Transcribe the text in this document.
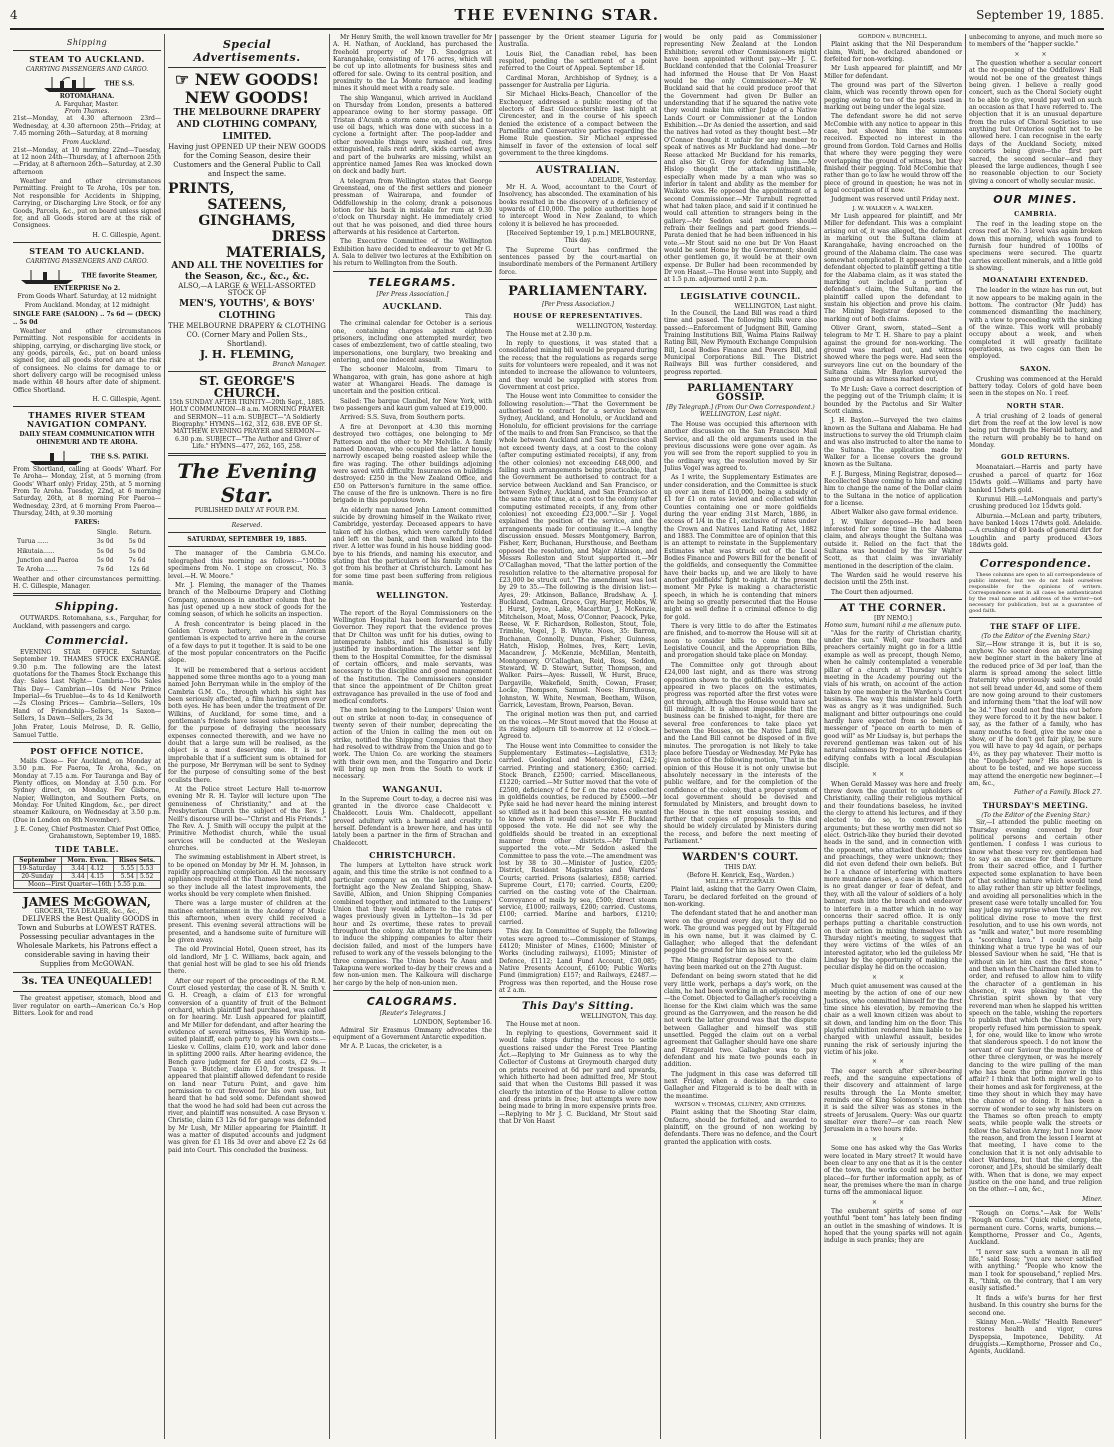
4	THE EVENING STAR.	September 19, 1885.
Shipping
STEAM TO AUCKLAND.
CARRYING PASSENGERS AND CARGO.
THE S.S. ROTOMAHANA.
A. Farquhar, Master.
From Thames.

21st—Monday, at 4.30 afternoon 23rd—Wednesday, at 4.30 afternoon 25th—Friday, at 7.45 morning 26th—Saturday, at 8 morning

From Auckland.

21st—Monday, at 10 morning 22nd—Tuesday, at 12 noon 24th—Thursday, at 1 afternoon 25th—Friday, at 8 afternoon 26th—Saturday, at 2.30 afternoon

Weather and other circumstances Permitting. Freight to Te Aroha, 10s per ton. Not responsible for Accidents in Shipping, Carrying, or Discharging Live Stock, or for any Goods, Parcels, &c., put on board unless signed for, and all Goods stored are at the risk of Consignees.

H. C. Gillespie, Agent.
STEAM TO AUCKLAND.
CARRYING PASSENGERS AND CARGO.
THE favorite Steamer, ENTERPRISE No 2.

From Goods Wharf. Saturday, at 12 midnight

From Auckland. Monday, at 12 midnight

SINGLE FARE (SALOON) .. 7s 6d — (DECK) .. 5s 0d

Weather and other circumstances Permitting. Not responsible for accidents in shipping, carrying, or discharging live stock, or any goods, parcels, &c., put on board unless signed for, and all goods stored are at the risk of consignees. No claims for damage to or short delivery cargo will be recognised unless made within 48 hours after date of shipment. Office Shortland.

H. C. Gillespie, Agent.
THAMES RIVER STEAM NAVIGATION COMPANY.
DAILY STEAM COMMUNICATION WITH OHINEMURI AND TE AROHA.
THE S.S. PATIKI.

From Shortland, calling at Goods' Wharf. For Te Aroha— Monday, 21st, at 5 morning (from Goods' Wharf only) Friday, 25th, at 5 morning From Te Aroha. Tuesday, 22nd, at 6 morning Saturday, 26th, at 8 morning For Paeroa— Wednesday, 23rd, at 6 morning From Paeroa— Thursday, 24th, at 9.30 morning

FARES:
	Single.	Return.
Turua ......	3s 0d	5s 0d
Hikutaia......	5s 0d	5s 0d
Junction and Paeroa	5s 0d	7s 6d
Te Aroha ......	7s 6d	12s 6d

Weather and other circumstances permitting. H. C. Gillespie, Manager.

Shipping.

OUTWARDS. Rotomahana, s.s., Farquhar, for Auckland, with passengers and cargo.

Commercial.

EVENING STAR OFFICE. Saturday, September 19. THAMES STOCK EXCHANGE. 9.30 p.m. The following are the latest quotations for the Thames Stock Exchange this day: Sales Last Night— Cambria—10s Sales This Day— Cambrian—10s 6d New Prince Imperial—6s Trueblue—4s to 4s 1d Kenilworth—2s Closing Prices— Cambria—Sellers, 10s Hand of Friendship—Sellers, 1s Saxon—Sellers, 1s Dawn—Sellers, 2s 3d

John Frater, Louis Melrose, D. R. Gellio, Samuel Tuttle.

POST OFFICE NOTICE.

Mails Close— For Auckland, on Monday at 3.50 p.m. For Paeroa, Te Aroha, &c., on Monday at 7.15 a.m. For Tauranga and Bay of Plenty offices, on Monday at 3.50 p.m. For Sydney direct, on Monday. For Gisborne, Napier, Wellington, and Southern Ports, on Monday. For United Kingdom, &c., per direct steamer Kaikoura, on Wednesday at 3.50 p.m. (Due in London on 8th November).

J. E. Coney, Chief Postmaster. Chief Post Office, Grahamstown, September 19, 1885.

TIDE TABLE.
September	Morn. Even.	Rises Sets.
19-Saturday	3.44 | 4.12	5.55 | 5.53
20-Sunday	3.44 | 4.15	5.54 | 5.52
Moon—First Quarter—16th | 5.55 p.m.		
JAMES McGOWAN,
GROCER, TEA DEALER, &c., &c.,

DELIVERS the Best Quality GOODS in Town and Suburbs at LOWEST RATES. Possessing peculiar advantages in the Wholesale Markets, his Patrons effect a considerable saving in having their Supplies from McGOWAN.

3s. TEA UNEQUALLED!

The greatest appetiser, stomach, blood and liver regulator on earth—American Co.'s Hop Bitters. Look for and read

Special Advertisements.
☞ NEW GOODS!
NEW GOODS!
THE MELBOURNE DRAPERY AND CLOTHING COMPANY, LIMITED.

Having just OPENED UP their NEW GOODS for the Coming Season, desire their Customers and the General Public to Call and Inspect the same.

PRINTS,
SATEENS,
GINGHAMS,
DRESS MATERIALS,
AND ALL THE NOVELTIES for the Season, &c., &c., &c.
ALSO,—A LARGE & WELL-ASSORTED STOCK OF
MEN'S, YOUTHS', & BOYS' CLOTHING
THE MELBOURNE DRAPERY & CLOTHING CO. (Corner Mary and Pollen Sts., Shortland).
J. H. FLEMING,
Branch Manager.
ST. GEORGE'S CHURCH.

15th SUNDAY AFTER TRINITY—20th Sept., 1885. HOLY COMMUNION—8 a.m. MORNING PRAYER and SERMON—11 a.m. SUBJECT—"A Soldierly Biography." HYMNS—162, 312, 638. EVE OF St. MATTHEW. EVENING PRAYER and SERMON—6.30 p.m. SUBJECT—"The Author and Giver of Life." HYMNS—477, 262, 165, 258.

The Evening Star.
PUBLISHED DAILY AT FOUR P.M.
Reserved.
SATURDAY, SEPTEMBER 19, 1885.

The manager of the Cambria G.M.Co. telegraphed this morning as follows:—"100lbs specimens from No. 1 stope on crosscut, No. 3 level.—H. W. Moore."

Mr. J. Fleming, the manager of the Thames branch of the Melbourne Drapery and Clothing Company, announces in another column that he has just opened up a new stock of goods for the coming season, of which he solicits an inspection.

A fresh concentrator is being placed in the Golden Crown battery, and an American gentleman is expected to arrive here in the course of a few days to put it together. It is said to be one of the most popular concentrators on the Pacific slope.

It will be remembered that a serious accident happened some three months ago to a young man named John Berryman while in the employ of the Cambria G.M. Co., through which his sight has been seriously affected, a film having grown over both eyes. He has been under the treatment of Dr. Wilkins, of Auckland, for some time, and a gentleman's friends have issued subscription lists for the purpose of defraying the necessary expenses connected therewith, and we have no doubt that a large sum will be realised, as the object is a most deserving one. It is not improbable that if a sufficient sum is obtained for the purpose, Mr Berryman will be sent to Sydney for the purpose of consulting some of the best oculists there.

At the Police street Lecture Hall to-morrow evening Mr R. H. Taylor will lecture upon "The genuineness of Christianity," and at the Presbyterian Church the subject of the Rev. J. Neill's discourse will be—"Christ and His Friends." The Rev. A. J. Smith will occupy the pulpit at the Primitive Methodist church, while the usual services will be conducted at the Wesleyan churches.

The swimming establishment in Albert street, is to be opened on Monday by Mr H. M. Johnson, in rapidly approaching completion. All the necessary appliances required at the Thames last night, and so they include all the latest improvements, the works should be very complete when finished.

There was a large muster of children at the matinee entertainment in the Academy of Music this afternoon, when every child received a present. This evening several attractions will be presented, and a handsome suite of furniture will be given away.

The old Provincial Hotel, Queen street, has its old landlord, Mr J. C. Williams, back again, and that genial host will be glad to see his old friends there.

After our report of the proceedings of the R.M. Court closed yesterday, the case of R. N. Smith v. G. H. Creagh, a claim of £13 for wrongful conversion of a quantity of fruit of the Belmont orchard, which plaintiff had purchased, was called on for hearing. Mr. Lush appeared for plaintiff, and Mr Miller for defendant, and after hearing the evidence of several witnesses, His Worship non-suited plaintiff, each party to pay his own costs.—Lieske v. Collins, claim £10, work and labor done in splitting 2000 rails. After hearing evidence, the Bench gave judgment for £6 and costs, £2 9s.—Tuapa v. Butcher, claim £10, for trespass. It appeared that plaintiff allowed defendant to reside on land near Tuturu Point, and gave him permission to cut firewood for his own use, but heard that he had sold some. Defendant showed that the wood he had sold had been cut across the river, and plaintiff was nonsuited. A case Bryson v. Christie, claim £3 12s 6d for garage was defended by Mr Lush, Mr Miller appearing for Plaintiff. It was a matter of disputed accounts and judgment was given for £1 18s 3d over and above £2 2s 6d paid into Court. This concluded the business.

Mr Henry Smith, the well known traveller for Mr A. H. Nathan, of Auckland, has purchased the freehold property of Mr D. Snodgrass at Karangahake, consisting of 176 acres, which will be cut up into allotments for business sites and offered for sale. Owing to its central position, and proximity to the La Monte furnace and leading mines it should meet with a ready sale.

The ship Wanganui, which arrived in Auckland on Thursday from London, presents a battered appearance owing to her stormy passage. Off Tristan d'Acunh a storm came on, and she had to use oil bags, which was done with success in a cyclone a fortnight after. The poop-ladder and other moveable things were washed out, fires extinguished, rails rent adrift, skids carried away, and part of the bulwarks are missing, whilst an apprentice named James Rea was knocked down on deck and badly hurt.

A telegram from Wellington states that George Greenstead, one of the first settlers and pioneer pressman of Wairarapa, and founder of Oddfellowship in the colony, drank a poisonous lotion for his back in mistake for rum at 9.30 o'clock on Thursday night. He immediately cried out that he was poisoned, and died three hours afterwards at his residence at Carterton.

The Executive Committee of the Wellington Exhibition have decided to endeavour to get Mr G. A. Sala to deliver two lectures at the Exhibition on his return to Wellington from the South.

TELEGRAMS.
[Per Press Association.]
AUCKLAND.
This day.

The criminal calendar for October is a serious one, containing charges against eighteen prisoners, including one attempted murder, two cases of embezzlement, two of cattle stealing, two impersonations, one burglary, two breaking and entering, and one indecent assault.

The schooner Malcolm, from Timaru to Whangaroa, with grain, has gone ashore at high water at Whangarei Heads. The damage is uncertain and the position critical.

Sailed: The barque Clanibel, for New York, with two passengers and kauri gum valued at £19,000.

Arrived: S.S. Suva, from Southern ports.

A fire at Devonport at 4.30 this morning destroyed two cottages, one belonging to Mr Patterson and the other to Mr Melville. A family named Donovan, who occupied the latter house, narrowly escaped being roasted asleep while the fire was raging. The other buildings adjoining were saved with difficulty. Insurances on buildings destroyed: £250 in the New Zealand Office, and £50 on Patterson's furniture in the same office. The cause of the fire is unknown. There is no fire brigade in this populous town.

An elderly man named John Lamont committed suicide by drowning himself in the Waikato river, Cambridge, yesterday. Deceased appears to have taken off his clothes, which were carefully folded and left on the bank, and then walked into the river. A letter was found in his house bidding good-bye to his friends, and naming his executor, and stating that the particulars of his family could be got from his brother at Christchurch. Lamont has for some time past been suffering from religious mania.

WELLINGTON.
Yesterday.

The report of the Royal Commissioners on the Wellington Hospital has been forwarded to the Governor. They report that the evidence proves that Dr Chilton was unfit for his duties, owing to intemperate habits, and his dismissal is fully justified by insubordination. The letter sent by them to the Hospital Committee, for the dismissal of certain officers, and male servants, was necessary to the discipline and good management of the Institution. The Commissioners consider that since the appointment of Dr Chilton great extravagance has prevailed in the use of food and medical comforts.

The men belonging to the Lumpers' Union went out on strike at noon to-day, in consequence of twenty seven of their number, deprecating the action of the Union in calling the men out on strike, notified the Shipping Companies that they had resolved to withdraw from the Union and go to work. The Union Co. are working the steamers with their own men, and the Tongariro and Doric will bring up men from the South to work if necessary.

WANGANUI.

In the Supreme Court to-day, a decree nisi was granted in the divorce case Chaldecott v. Chaldecott. Louis Wm. Chaldecott, appellant proved adultery with a barmaid and cruelty to herself. Defendant is a brewer here, and has until lately been a partner in the firm of Strachan and Chaldecott.

CHRISTCHURCH.

The lumpers at Lyttelton have struck work again, and this time the strike is not confined to a particular company as on the last occasion. A fortnight ago the New Zealand Shipping, Shaw-Saville, Albion, and Union Shipping Companies combined together, and intimated to the Lumpers' Union that they would adhere to the rates of wages previously given in Lyttelton—1s 3d per hour and 2s overtime, these rates to prevail throughout the colony. An attempt by the lumpers to induce the shipping companies to alter their decision failed, and most of the lumpers have refused to work any of the vessels belonging to the three companies. The Union boats Te Anau and Takapuna were worked to-day by their crews and a few non-union men. The Kaikoura will discharge her cargo by the help of non-union men.

CALOGRAMS.
[Reuter's Telegrams.]
LONDON, September 16.

Admiral Sir Erasmus Ommany advocates the equipment of a Government Antarctic expedition.

Mr A. P. Lucas, the cricketer, is a

passenger by the Orient steamer Liguria for Australia.

Louis Riel, the Canadian rebel, has been respited, pending the settlement of a point referred to the Court of Appeal. September 18.

Cardinal Moran, Archbishop of Sydney, is a passenger for Australia per Liguria.

Sir Michael Hicks-Beach, Chancellor of the Exchequer, addressed a public meeting of the electors of East Gloucestershire last night at Cirencester, and in the course of his speech denied the existence of a compact between the Parnellite and Conservative parties regarding the Home Rule question. Sir Michael expressed himself in favor of the extension of local self government to the three kingdoms.

AUSTRALIAN.
ADELAIDE, Yesterday.

Mr H. A. Wood, accountant to the Court of Insolvency, has absconded. The examination of his books resulted in the discovery of a deficiency of upwards of £10,000. The police authorities hope to intercept Wood in New Zealand, to which colony it is believed he has proceeded.

[Received September 19, 1 p.m.] MELBOURNE, This day.

The Supreme Court has confirmed the sentences passed by the court-martial on insubordinate members of the Permanent Artillery force.

PARLIAMENTARY.
[Per Press Association.]
HOUSE OF REPRESENTATIVES.
WELLINGTON, Yesterday.

The House met at 2.30 p.m.

In reply to questions, it was stated that a consolidated mining bill would be prepared during the recess; that the regulations as regards serge suits for volunteers were repealed, and it was not intended to increase the allowance to volunteers, and they would be supplied with stores from Government at cost price.

The House went into Committee to consider the following resolution:—"That the Government be authorised to contract for a service between Sydney, Auckland, and Honolulu, or Auckland and Honolulu, for efficient provisions for the carriage of the mails to and from San Francisco, so that the whole between Auckland and San Francisco shall not exceed twenty days, at a cost to the colony (after computing estimated receipts), if any, from the other colonies) not exceeding £48,000, and failing such arrangements being practicable, that the Government be authorised to contract for a service between Auckland and San Francisco, or between Sydney, Auckland, and San Francisco at the same rate of time, at a cost to the colony (after computing estimated receipts, if any, from other colonies) not exceeding £23,000."—Sir J. Vogel explained the position of the service, and the arrangements made for continuing it.—A lengthy discussion ensued. Messrs Montgomery, Barron, Fisher, Kerr, Buchanan, Hursthouse, and Beetham opposed the resolution, and Major Atkinson, and Messrs Rolleston and Stout supported it.—Mr O'Callaghan moved, "That the latter portion of the resolution relative to the alternative proposal for £23,000 be struck out." The amendment was lost by 29 to 35.—The following is the division list:—Ayes, 29: Atkinson, Ballance, Bradshaw, A. J. Buckland, Cadman, Grace, Guy, Harper, Hobbs, W. J. Hurst, Joyce, Lake, Macarthur, J. McKenzie, Mitchelson, Moat, Moss, O'Connor, Peacock, Pyke, Reese, W. F. Richardson, Rolleston, Stout, Tole, Trimble, Vogel, J. B. Whyte. Noes, 35: Barron, Buchanan, Connolly, Duncan, Fisher, Guinness, Hatch, Hislop, Holmes, Ives, Kerr, Levin, Macandrew, J. McKenzie, McMillan, Menteith, Montgomery, O'Callaghan, Reid, Ross, Seddon, Steward, W. D. Stewart, Sutter, Thompson, and Walker. Pairs—Ayes: Russell, W. Hurst, Bruce, Dargaville, Wakefield, Smith, Cowan, Fraser, Locke, Thompson, Samuel. Noes: Hursthouse, Johnston, W. White, Newman, Beetham, Wilson, Garrick, Levestam, Brown, Pearson, Bevan.

The original motion was then put, and carried on the voices.—Mr Stout moved that the House at its rising adjourn till to-morrow at 12 o'clock.—Agreed to.

The House went into Committee to consider the Supplementary Estimates:—Legislative, £313; carried. Geological and Meteorological, £242; carried. Printing and stationery, £360; carried. Stock Branch, £2500; carried. Miscellaneous, £1220; carried.—Mr Sutter moved that the vote of £2500, deficiency of £ for £ on the rates collected in goldfields counties, be reduced by £5000.—Mr Pyke said he had never heard the mining interest so vilified as it had been this session. He wanted to know when it would cease?—Mr F. Buckland opposed the vote. He did not see why the goldfields should be treated in an exceptional manner from other districts.—Mr Turnbull supported the vote.—Mr Seddon asked the Committee to pass the vote.—The amendment was lost by 38 to 30.—Minister of Justice, £205; District, Resident Magistrates and Wardens' Courts; carried. Prisons (salaries), £858; carried. Supreme Court, £170; carried. Courts, £200; carried on the casting vote of the Chairman. Conveyance of mails by sea, £500; direct steam service, £1000; railways, £200; carried. Customs, £100; carried. Marine and harbors, £1210; carried.

This day. In Committee of Supply, the following votes were agreed to:—Commissioner of Stamps, £4120; Minister of Mines, £1600; Minister of Works (including railways), £1095; Minister of Defence, £1112; Land Fund Account, £30,085; Native Presents Account, £6100; Public Works Fund (immigration) £157; and Railways, £2487.—Progress was then reported, and the House rose at 2 a.m.

This Day's Sitting.
WELLINGTON, This day.

The House met at noon.

In replying to questions, Government said it would take steps during the recess to settle questions raised under the Forest Tree Planting Act.—Replying to Mr Guinness as to why the Collector of Customs at Greymouth charged duty on prints received at 6d per yard and upwards, which hitherto had been admitted free, Mr Stout said that when the Customs Bill passed it was clearly the intention of the House to allow cotton and dress prints in free; but attempts were now being made to bring in more expensive prints free.—Replying to Mr J. C. Buckland, Mr Stout said that Dr Von Haast

would be only paid as Commissioner representing New Zealand at the London Exhibition; several other Commissioners might have been appointed without pay.—Mr J. C. Buckland contended that the Colonial Treasurer had informed the House that Dr Von Haast would be the only Commissioner.—Mr W. Buckland said that he could produce proof that the Government had given Dr Buller an understanding that if he squared the native vote they would make him either Judge of a Native Lands Court or Commissioner at the London Exhibition.—Dr As denied the assertion, and said the natives had voted as they thought best.—Mr O'Connor thought it unfair for any member to speak of natives as Mr Buckland had done.—Mr Reese attacked Mr Buckland for his remarks, and also Sir G. Grey for defending him.—Mr Hislop thought the attack unjustifiable, especially when made by a man who was so inferior in talent and ability as the member for Waikato was. He opposed the appointment of a second Commissioner.—Mr Turnbull regretted what had taken place, and said if it continued he would call attention to strangers being in the gallery.—Mr Seddon said members should refrain their feelings and part good friends.—Parata denied that he had been influenced in his vote.—Mr Stout said no one but Dr Von Haast would be sent Home by the Government; should other gentlemen go, it would be at their own expense. Dr Buller had been recommended by Dr von Haast.—The House went into Supply, and at 1.5 p.m. adjourned until 2 p.m.

LEGISLATIVE COUNCIL.
WELLINGTON, Last night.

In the Council, the Land Bill was read a third time and passed. The following bills were also passed:—Enforcement of Judgment Bill, Gaming Training Institutions Bill, Waima Plains Railway Rating Bill, New Plymouth Exchange Compulsion Bill, Local Bodies Finance and Powers Bill, and Municipal Corporations Bill. The District Railways Bill was further considered, and progress reported.

PARLIAMENTARY GOSSIP.
[By Telegraph.] (From Our Own Correspondent.) WELLINGTON, Last night.

The House was occupied this afternoon with another discussion on the San Francisco Mail Service, and all the old arguments used in the previous discussions were gone over again. As you will see from the report supplied to you in the ordinary way, the resolution moved by Sir Julius Vogel was agreed to.

As I write, the Supplementary Estimates are under consideration, and the Committee is stuck up over an item of £10,000, being a subsidy of £1 for £1 on rates levied and collected within Counties containing one or more goldfields during the year ending 31st March, 1886, in excess of 1/4 in the £1, exclusive of rates under the Crown and Natives Land Rating Act, 1882 and 1883. The Committee are of opinion that this is an attempt to reinstate in the Supplementary Estimates what was struck out of the Local Bodies Finance and Powers Bill for the benefit of the goldfields, and consequently the Committee have their backs up, and we are likely to have another goldfields' fight to-night. At the present moment Mr Pyke is making a characteristic speech, in which he is contending that miners are being so greatly persecuted that the House might as well define it a criminal offence to dig for gold.

There is very little to do after the Estimates are finished, and to-morrow the House will sit at noon to consider bills to come from the Legislative Council, and the Appropriation Bills, and prorogation should take place on Monday.

The Committee only got through about £24,000 last night, and as there was strong opposition shown to the goldfields votes, which appeared in two places on the estimates, progress was reported after the first votes were got through, although the House would have sat till midnight. It is almost impossible that the business can be finished to-night, for there are several free conferences to take place yet between the Houses, on the Native Land Bill, and the Land Bill cannot be disposed of in five minutes. The prorogation is not likely to take place before Tuesday or Wednesday. Mr Pyke has given notice of the following motion, "That in the opinion of this House it is not only unwise but absolutely necessary in the interests of the public welfare, and for the completion of the confidence of the colony, that a proper system of local government should be devised and formulated by Ministers, and brought down to the House in the next ensuing session, and further that copies of proposals to this end should be widely circulated by Ministers during the recess, and before the next meeting of Parliament."

WARDEN'S COURT.
THIS DAY.
(Before H. Kenrick, Esq., Warden.)
MILLER v. FITZGERALD.

Plaint laid, asking that the Garry Owen Claim, Tararu, be declared forfeited on the ground of non-working.

The defendant stated that he and another man were on the ground every day, but they did no work. The ground was pegged out by Fitzgerald in his own name, but it was claimed by C. Gallagher, who alleged that the defendant pegged the ground for him as his servant.

The Mining Registrar deposed to the claim having been marked out on the 27th August.

Defendant on being sworn stated that he did very little work, perhaps a day's work, on the claim, he had been working in an adjoining claim—the Comet. Objected to Gallagher's receiving a license for the Kiwi claim which was the same ground as the Garryowen, and the reason he did not work the latter ground was that the dispute between Gallagher and himself was still unsettled. Pegged the claim out on a verbal agreement that Gallagher should have one share and Fitzgerald two. Gallagher was to pay defendant and his mate two pounds each in addition.

The judgment in this case was deferred till next Friday, when a decision in the case Gallagher and Fitzgerald is to be dealt with in the meantime.

WATSON v. THOMAS, CLUNEY, AND OTHERS.

Plaint asking that the Shooting Star claim, Onfacro, should be forfeited, and awarded to plaintiff, on the ground of non working by defendants. There was no defence, and the Court granted the application with costs.

GORDON v. BURCHELL.

Plaint asking that the Nil Desperandum claim, Waiti, be declared abandoned or forfeited for non-working.

Mr Lush appeared for plaintiff, and Mr Miller for defendant.

The ground was part of the Silverton claim, which was recently thrown open for pegging owing to two of the posts used in marking out being under the legal size.

The defendant swore he did not serve McCombie with any notice to appear in this case, but showed him the summons received. Expected no interest in the ground from Gordon. Told Carnes and Hollis that where they were pegging they were overlapping the ground of witness, but they finished their pegging. Told McCombie that rather than go to law he would throw off the piece of ground in question; he was not in legal occupation of it now.

Judgment was reserved until Friday next.

J. W. WALKER v. A. WALKER.

Mr Lush appeared for plaintiff, and Mr Miller for defendant. This was a complaint arising out of, it was alleged, the defendant in marking out the Sultana claim at Karangahake, having encroached on the ground of the Alabama claim. The case was somewhat complicated. It appeared that the defendant objected to plaintiff getting a title for the Alabama claim, as it was stated the marking out included a portion of defendant's claim, the Sultana, and the plaintiff called upon the defendant to sustain his objection and prove his claim. The Mining Registrar deposed to the marking out of both claims.

Oliver Grant, sworn, stated—Sent a telegram to Mr T. H. Share to pay a plaint against the ground for non-working. The ground was marked out, and witness showed where the pegs were. Had seen the surveyors line cut on the boundary of the Sultana claim. Mr Baylon surveyed the same ground as witness marked out.

To Mr Lush: Gave a correct description of the pegging out of the Triumph claim; it is bounded by the Pactolus and Sir Walter Scott claims.

J. H. Baylon.—Surveyed the two claims known as the Sultana and Alabama. He had instructions to survey the old Triumph claim and was also instructed to alter the name to the Sultana. The application made by Walker for a license covers the ground known as the Sultana.

F. J. Burgess, Mining Registrar, deposed—Recollected Shaw coming to him and asking him to change the name of the Dollar claim to the Sultana in the notice of application for a license.

Albert Walker also gave formal evidence.

J. W. Walker deposed—He had been interested for some time in the Alabama claim, and always thought the Sultana was outside it. Relied on the fact that the Sultana was bounded by the Sir Walter Scott, as that claim was invariably mentioned in the description of the claim.

The Warden said he would reserve his decision until the 25th inst.

The Court then adjourned.

AT THE CORNER.
[BY NEMO.]
Homo sum, humani nihil a me alienum puto.

"Alas for the rarity of Christian charity, under the sun." Well, our teachers and preachers certainly might go in for a little example as well as precept, though Nemo, when he calmly contemplated a venerable pillar of a church at Thursday night's meeting in the Academy pouring out the vials of his wrath, on account of the action taken by one member in the Warden's Court business. The way this minister held forth was as angry as it was undignified. Such malignant and bitter outpourings one could hardly have expected from so benign a messenger of "peace on earth to men of good will" as Mr Liudsay is, but perhaps the reverend gentleman was taken out of his natural calmness by frequent and doubtless edifying confabs with a local Æsculapian disciple.

× ×

When Gerald Massey was here and freely threw down the gauntlet to upholders of Christianity, calling their religious mythical and their foundations baseless, he invited the clergy to attend his lectures, and if they elected to do so, to controvert his arguments; but these worthy men did not so elect. Ostrich-like they buried their devoted heads in the sand, and in connection with the opponent, who attacked their doctrines and preachings, they were unknown; they did not even defend their own beliefs. But be I a chance of interfering with matters more mundane arises, a case in which there is no great danger or fear of defeat, and they, with all the valour of soldiers of a holy banner, rush into the breach and endeavor to interfere in a matter which in no way concerns their sacred office. It is only perhaps putting a charitable construction on their action in mixing themselves with Thursday night's meeting, to suggest that they were victims of the wiles of an interested agitator, who led the guileless Mr Lindsay by the opportunity of making the peculiar display he did on the occasion.

× ×

Much quiet amusement was caused at the meeting by the action of one of our new Justices, who committed himself for the first time since his elevation, by removing the chair as a well known citizen was about to sit down, and landing him on the floor. This playful exhibition rendered him liable to be charged with unlawful assault, besides running the risk of seriously injuring the victim of his joke.

× ×

The eager search after silver-bearing reefs, and the sanguine expectations of their discovery and attainment of large results through the La Monte smelter, reminds one of King Solomon's time, when it is said the silver was as stones in the streets of Jerusalem. Query: Was our quartz smelter ever there?—or can reach New Jerusalem in a two hours ride.

× ×

Some one has asked why the Gas Works were located in Mary street? It would have been clear to any one that as it is the center of the town, the works could not be better placed—for further information apply, as of near, the premises where the man in charge turns off the ammoniacal liquor.

× ×

The exuberant spirits of some of our youthful "bent tom" has lately been finding an outlet in the smashing of windows. It is hoped that the young sparks will not again indulge in such pranks; they are

unbecoming to anyone, and much more so to members of the "happer suckle."

× ×

The question whether a secular concert at the re-opening of the Oddfellows' Hall would not be one of the greatest things being given. I believe a really good concert, such as the Choral Society ought to be able to give, would pay well on such an occasion as that I have referred to. The objection that it is an unusual departure from the rules of Choral Societies to use anything but Oratorios ought not to be allowed here. I can recognise in the early days of the Auckland Society, mixed concerts being given—the first part sacred, the second secular—and they pleased the large audiences, though I see no reasonable objection to our Society giving a concert of wholly secular music.

OUR MINES.
CAMBRIA.

The reef in the leading stope on the cross reef at No. 3 level was again broken down this morning, which was found to furnish four hundred of 100lbs of specimens were secured. The quartz carries excellent minerals, and a little gold is showing.

MOANATAIRI EXTENDED.

The leader in the winze has run out, but it now appears to be making again in the bottom. The contractor (Mr Judd) has commenced dismantling the machinery, with a view to proceeding with the sinking of the winze. This work will probably occupy about a week, and when completed it will greatly facilitate operations, as two cages can then be employed.

SAXON.

Crushing was commenced at the Herald battery today. Colors of gold have been seen in the stopes on No. 1 reef.

NORTH STAR.

A trial crushing of 2 loads of general dirt from the reef at the low level is now being put through the Herald battery, and the return will probably be to hand on Monday.

GOLD RETURNS.

Moanataiari.—Harris and party have crushed a parcel of quartz for 16oz 15dwts gold.—Williams and party have banked 15dwts gold.

Kurunui Hill.—LeMonquais and party's crushing produced 1oz 15dwts gold.

Alburnia.—McLean and party, tributers, have banked 14ozs 17dwts gold. Adelaide.—A crushing of 49 loads of general dirt for Loughlin and party produced 43ozs 18dwts gold.

Correspondence.

These columns are open to all correspondence of public interest, but we do not hold ourselves responsible for the opinions of writers. Correspondence sent in all cases be authenticated by the real name and address of the writer—not necessary for publication, but as a guarantee of good faith.

THE STAFF OF LIFE.
(To the Editor of the Evening Star.)

Sir,—How strange it is, but it is so, anyhow. No sooner does an enterprising new beginner start in the bakery line at the reduced price of 3d per loaf, than the alarm is spread among the select little fraternity who previously said they could not sell bread under 4d, and some of them are now going around to their customers and informing them "that the loaf will now be 3d." They could not find this out before they were forced to it by the new baker. I say, as the father of a family, who has many mouths to feed, give the new one a show, or if he don't get fair play, be sure you will have to pay 4d again, or perhaps 4½, as they pay whatever. Their motto is the "Dough-boy" now? His assertion is about to be tested, and we hope success may attend the energetic new beginner.—I am, &c.,

Father of a Family. Block 27.
THURSDAY'S MEETING.
(To the Editor of the Evening Star.)

Sir,—I attended the public meeting on Thursday evening convened by four political persons and certain other gentlemen. I confess I was curious to know what these very rev. gentlemen had to say as an excuse for their departure from their sacred office, and I further expected some explanation to have been of that scolding nature which would tend to allay rather than stir up bitter feelings, and avoiding all personalities which in the present case were totally uncalled for. You may judge my surprise when that very rev. political divine rose to move the first resolution, and to use his own words, not as "milk and water," but more resembling a "scorching lava." I could not help thinking what a true type he was of our blessed Saviour when he said, "He that is without sin let him cast the first stone," and then when the Chairman called him to order, and refused to allow him to vilify the character of a gentleman in his absence, it was pleasing to see the Christian spirit shown by that very reverend man when he slapped his written speech on the table, wishing the reporters to publish that which the Chairman very properly refused him permission to speak. I, for one, would like to know who wrote that slanderous speech. I do not know the servant of our Saviour the mouthpiece of other three clergymen, or was he merely dancing to the wire pulling of the man who has been the prime mover in this affair? I think that both might well go to their homes and ask for forgiveness, at the time they shout in which they may have the chance of so doing. It has been a sorrow of wonder to see why ministers on the Thames so often preach to empty seats, while people walk the streets or follow the Salvation Army; but I now know the reason, and from the lesson I learnt at that meeting, I have come to the conclusion that it is not only advisable to elect Wardens, but that the clergy, the coroner, and J.P.s, should be similarly dealt with. When that is done, we may expect justice on the one hand, and true religion on the other.—I am, &c.,

Miner.

"Rough on Corns."—Ask for Wells' "Rough on Corns." Quick relief, complete, permanent cure. Corns, warts, bunions.—Kempthorne, Prosser and Co., Agents, Auckland.

"I never saw such a woman in all my life," said Ross; "you are never satisfied with anything." "People who know the man I took for spouseband," replied Mrs. R., "think, on the contrary, that I am very easily satisfied."

It finds a wife's burns for her first husband. In this country she burns for the second one.

Skinny Men.—Wells' "Health Renewer" restores health and vigor, cures Dyspepsia, Impotence, Debility. At druggists.—Kempthorne, Prosser and Co., Agents, Auckland.
